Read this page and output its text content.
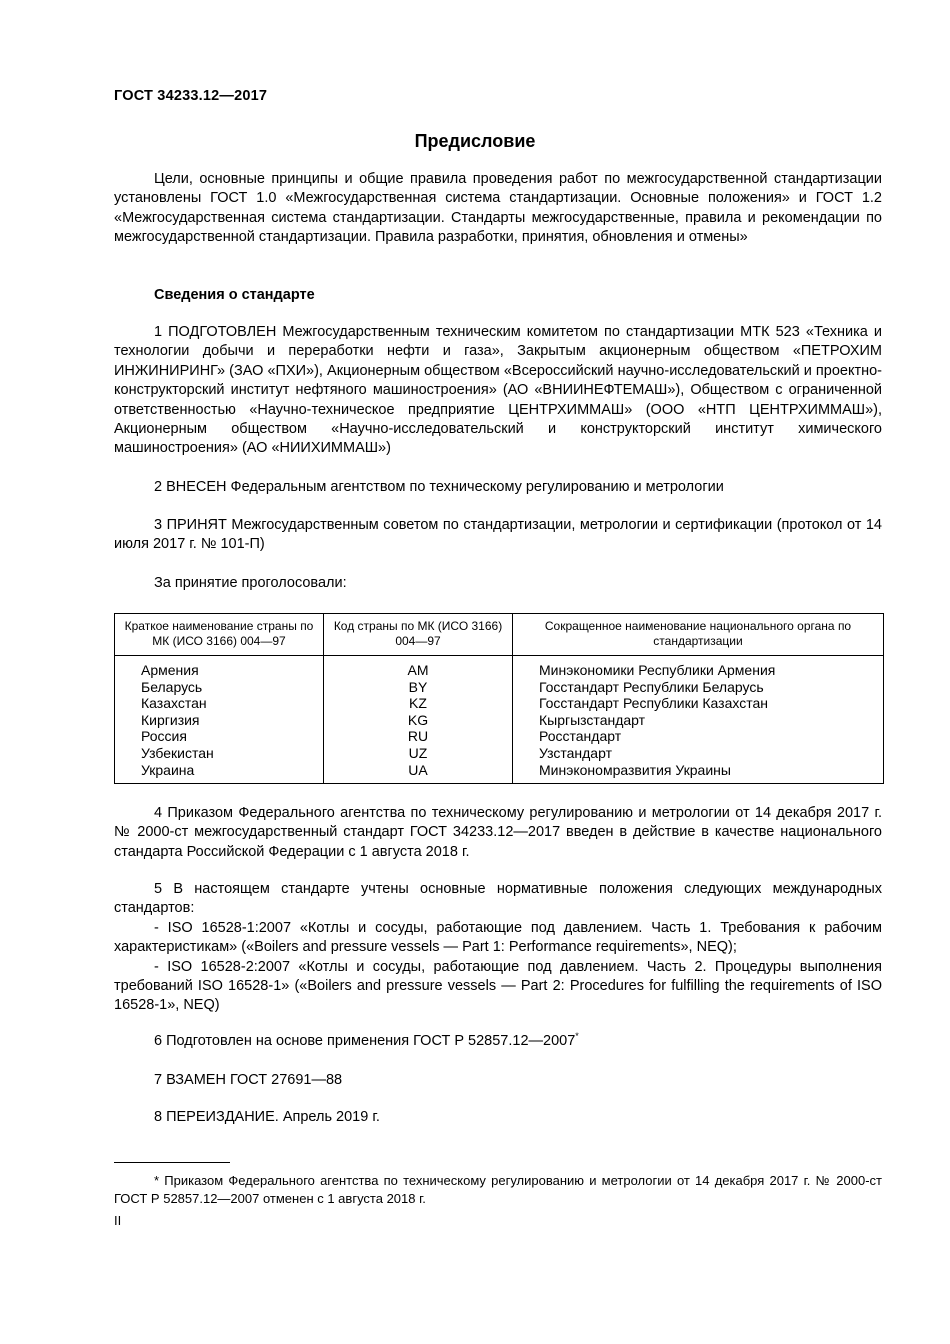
ГОСТ 34233.12—2017
Предисловие
Цели, основные принципы и общие правила проведения работ по межгосударственной стандартизации установлены ГОСТ 1.0 «Межгосударственная система стандартизации. Основные положения» и ГОСТ 1.2 «Межгосударственная система стандартизации. Стандарты межгосударственные, правила и рекомендации по межгосударственной стандартизации. Правила разработки, принятия, обновления и отмены»
Сведения о стандарте
1 ПОДГОТОВЛЕН Межгосударственным техническим комитетом по стандартизации МТК 523 «Техника и технологии добычи и переработки нефти и газа», Закрытым акционерным обществом «ПЕТРОХИМ ИНЖИНИРИНГ» (ЗАО «ПХИ»), Акционерным обществом «Всероссийский научно-исследовательский и проектно-конструкторский институт нефтяного машиностроения» (АО «ВНИИНЕФТЕМАШ»), Обществом с ограниченной ответственностью «Научно-техническое предприятие ЦЕНТРХИММАШ» (ООО «НТП ЦЕНТРХИММАШ»), Акционерным обществом «Научно-исследовательский и конструкторский институт химического машиностроения» (АО «НИИХИММАШ»)
2 ВНЕСЕН Федеральным агентством по техническому регулированию и метрологии
3 ПРИНЯТ Межгосударственным советом по стандартизации, метрологии и сертификации (протокол от 14 июля 2017 г. № 101-П)
За принятие проголосовали:
Краткое наименование страны по МК (ИСО 3166) 004—97	Код страны по МК (ИСО 3166) 004—97	Сокращенное наименование национального органа по стандартизации

Армения	AM	Минэкономики Республики Армения
Беларусь	BY	Госстандарт Республики Беларусь
Казахстан	KZ	Госстандарт Республики Казахстан
Киргизия	KG	Кыргызстандарт
Россия	RU	Росстандарт
Узбекистан	UZ	Узстандарт
Украина	UA	Минэкономразвития Украины
4 Приказом Федерального агентства по техническому регулированию и метрологии от 14 декабря 2017 г. № 2000-ст межгосударственный стандарт ГОСТ 34233.12—2017 введен в действие в качестве национального стандарта Российской Федерации с 1 августа 2018 г.
5 В настоящем стандарте учтены основные нормативные положения следующих международных стандартов:
- ISO 16528-1:2007 «Котлы и сосуды, работающие под давлением. Часть 1. Требования к рабочим характеристикам» («Boilers and pressure vessels — Part 1: Performance requirements», NEQ);
- ISO 16528-2:2007 «Котлы и сосуды, работающие под давлением. Часть 2. Процедуры выполнения требований ISO 16528-1» («Boilers and pressure vessels — Part 2: Procedures for fulfilling the requirements of ISO 16528-1», NEQ)
6 Подготовлен на основе применения ГОСТ Р 52857.12—2007*
7 ВЗАМЕН ГОСТ 27691—88
8 ПЕРЕИЗДАНИЕ. Апрель 2019 г.
* Приказом Федерального агентства по техническому регулированию и метрологии от 14 декабря 2017 г. № 2000-ст ГОСТ Р 52857.12—2007 отменен с 1 августа 2018 г.
II
